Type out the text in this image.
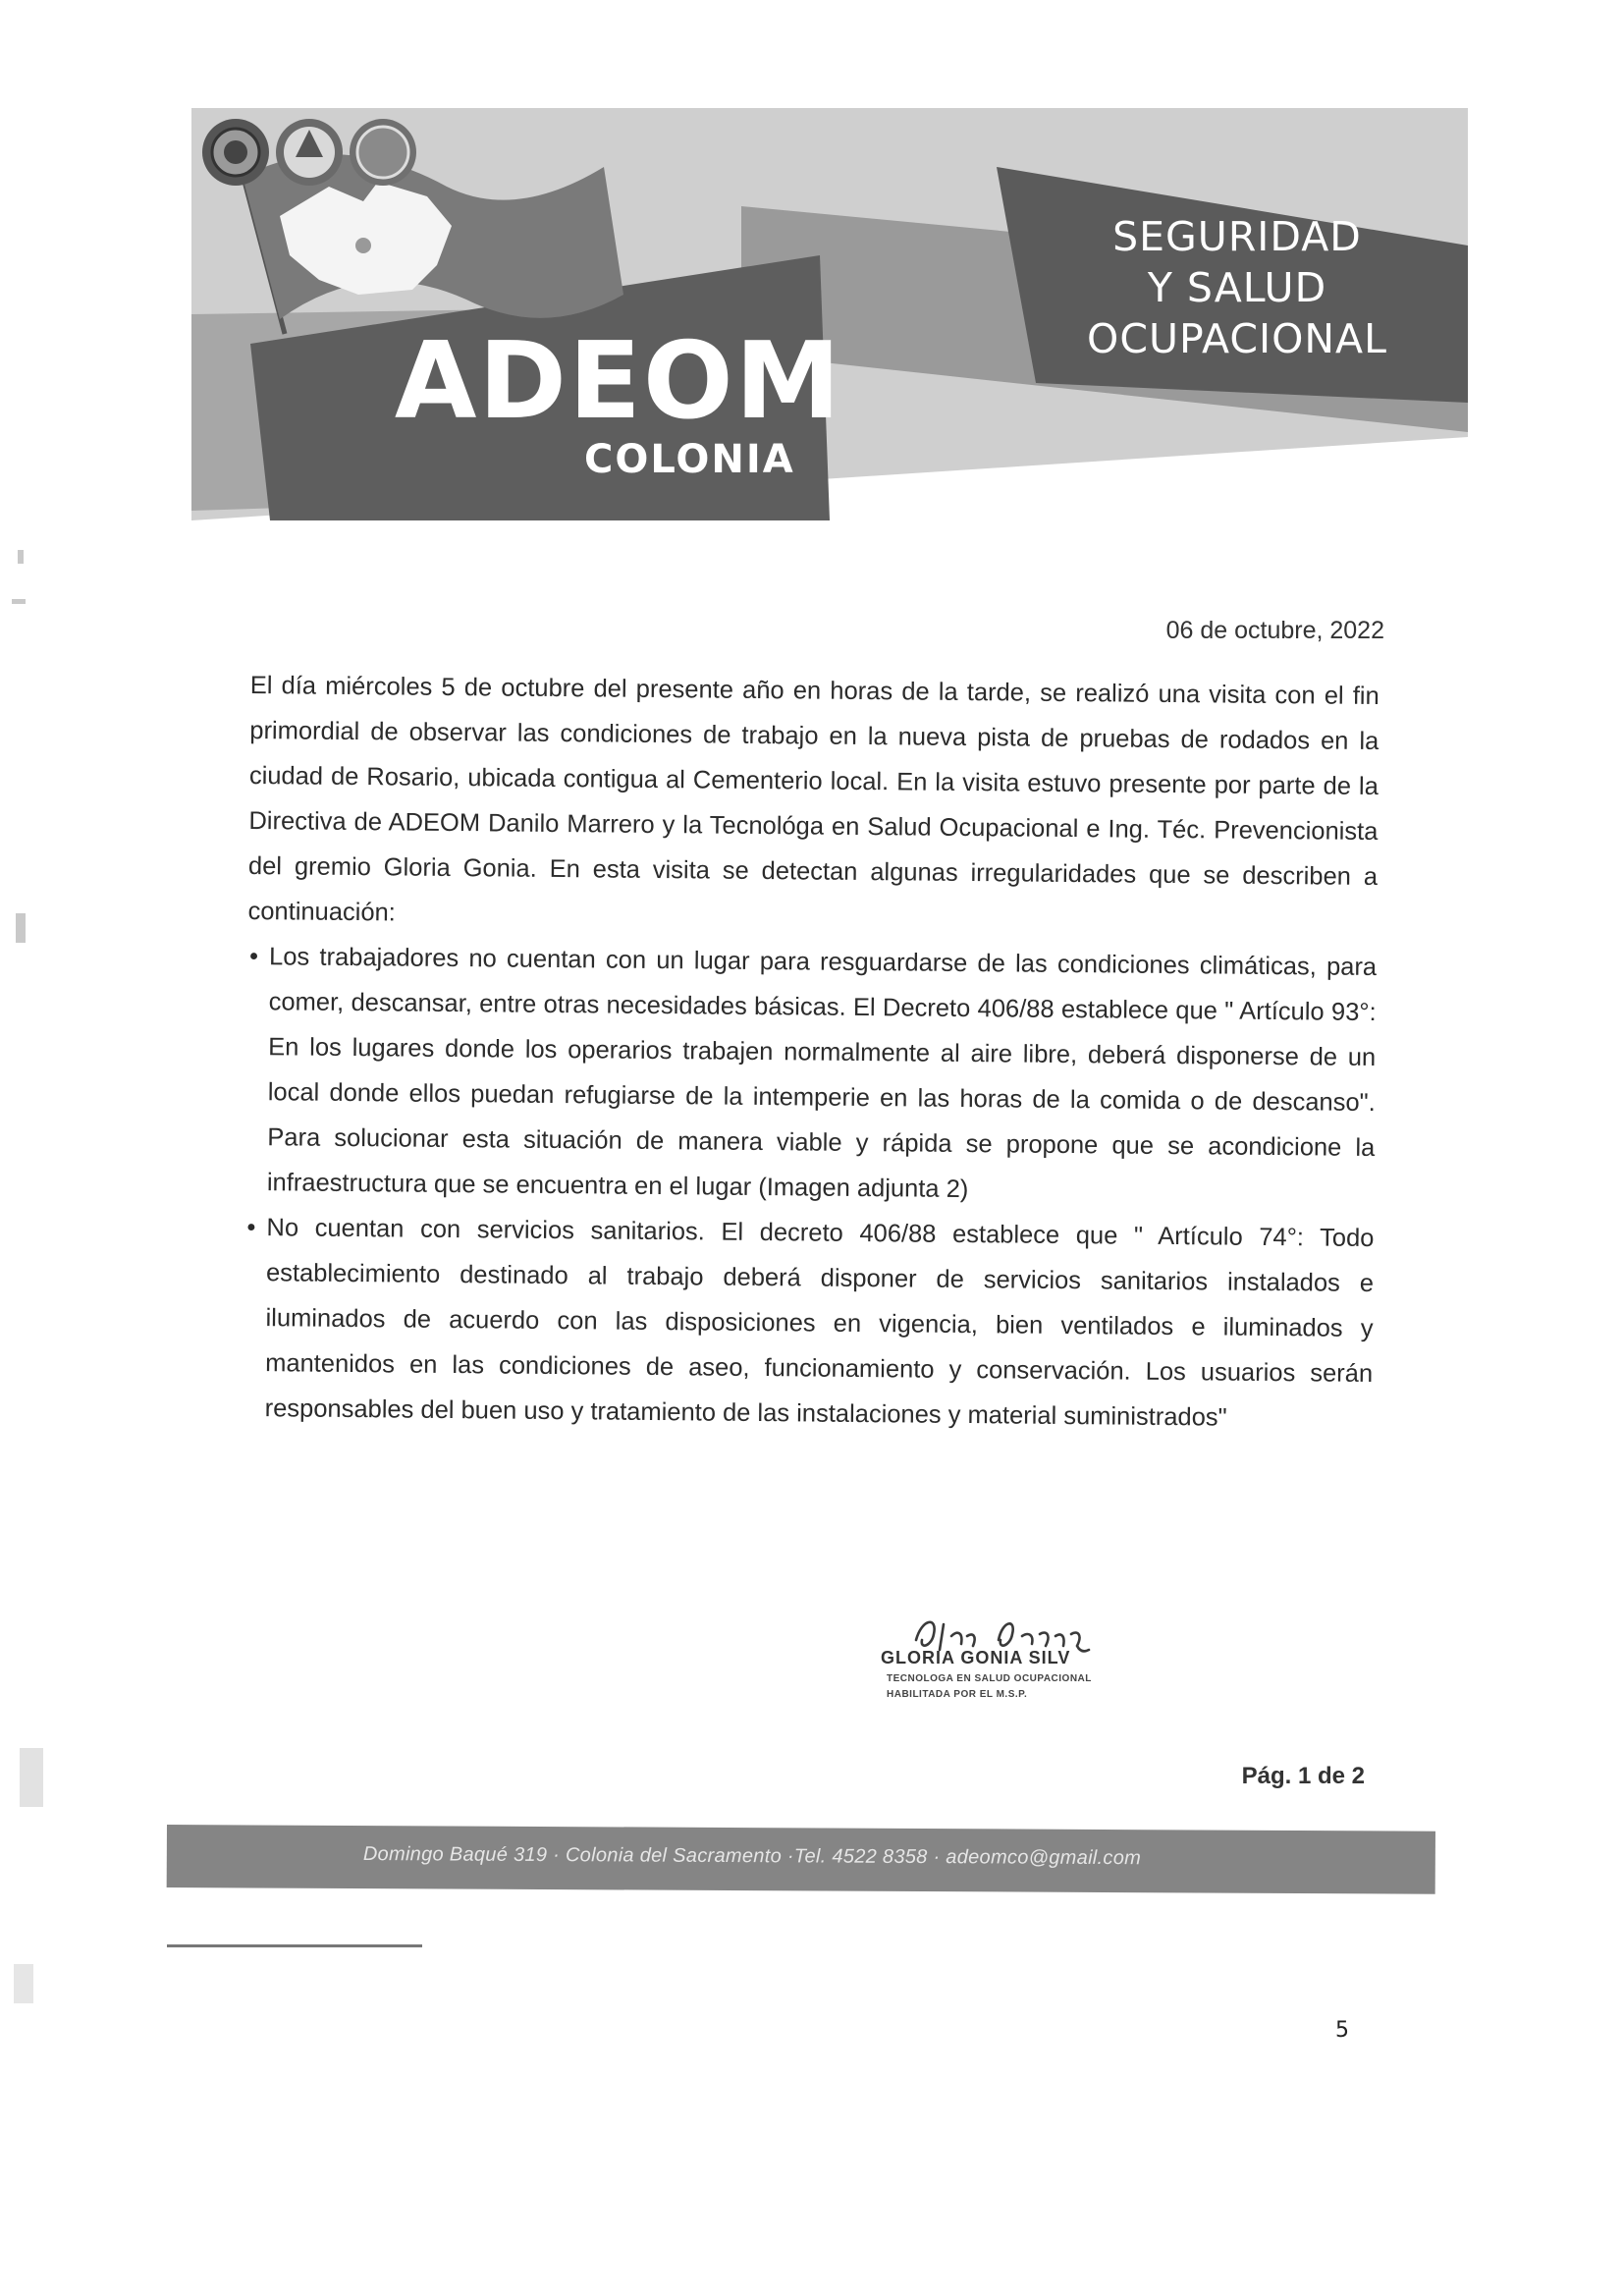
ADEOM
COLONIA
SEGURIDAD
Y SALUD
OCUPACIONAL
06 de octubre, 2022

El día miércoles 5 de octubre del presente año en horas de la tarde, se realizó una visita con el fin primordial de observar las condiciones de trabajo en la nueva pista de pruebas de rodados en la ciudad de Rosario, ubicada contigua al Cementerio local. En la visita estuvo presente por parte de la Directiva de ADEOM Danilo Marrero y la Tecnológa en Salud Ocupacional e Ing. Téc. Prevencionista del gremio Gloria Gonia. En esta visita se detectan algunas irregularidades que se describen a continuación:

• Los trabajadores no cuentan con un lugar para resguardarse de las condiciones climáticas, para comer, descansar, entre otras necesidades básicas. El Decreto 406/88 establece que " Artículo 93°: En los lugares donde los operarios trabajen normalmente al aire libre, deberá disponerse de un local donde ellos puedan refugiarse de la intemperie en las horas de la comida o de descanso". Para solucionar esta situación de manera viable y rápida se propone que se acondicione la infraestructura que se encuentra en el lugar (Imagen adjunta 2)
• No cuentan con servicios sanitarios. El decreto 406/88 establece que " Artículo 74°: Todo establecimiento destinado al trabajo deberá disponer de servicios sanitarios instalados e iluminados de acuerdo con las disposiciones en vigencia, bien ventilados e iluminados y mantenidos en las condiciones de aseo, funcionamiento y conservación. Los usuarios serán responsables del buen uso y tratamiento de las instalaciones y material suministrados"
GLORIA GONIA SILV
TECNOLOGA EN SALUD OCUPACIONAL
HABILITADA POR EL M.S.P.
Pág. 1 de 2
Domingo Baqué 319 · Colonia del Sacramento ·Tel. 4522 8358 · adeomco@gmail.com
5
